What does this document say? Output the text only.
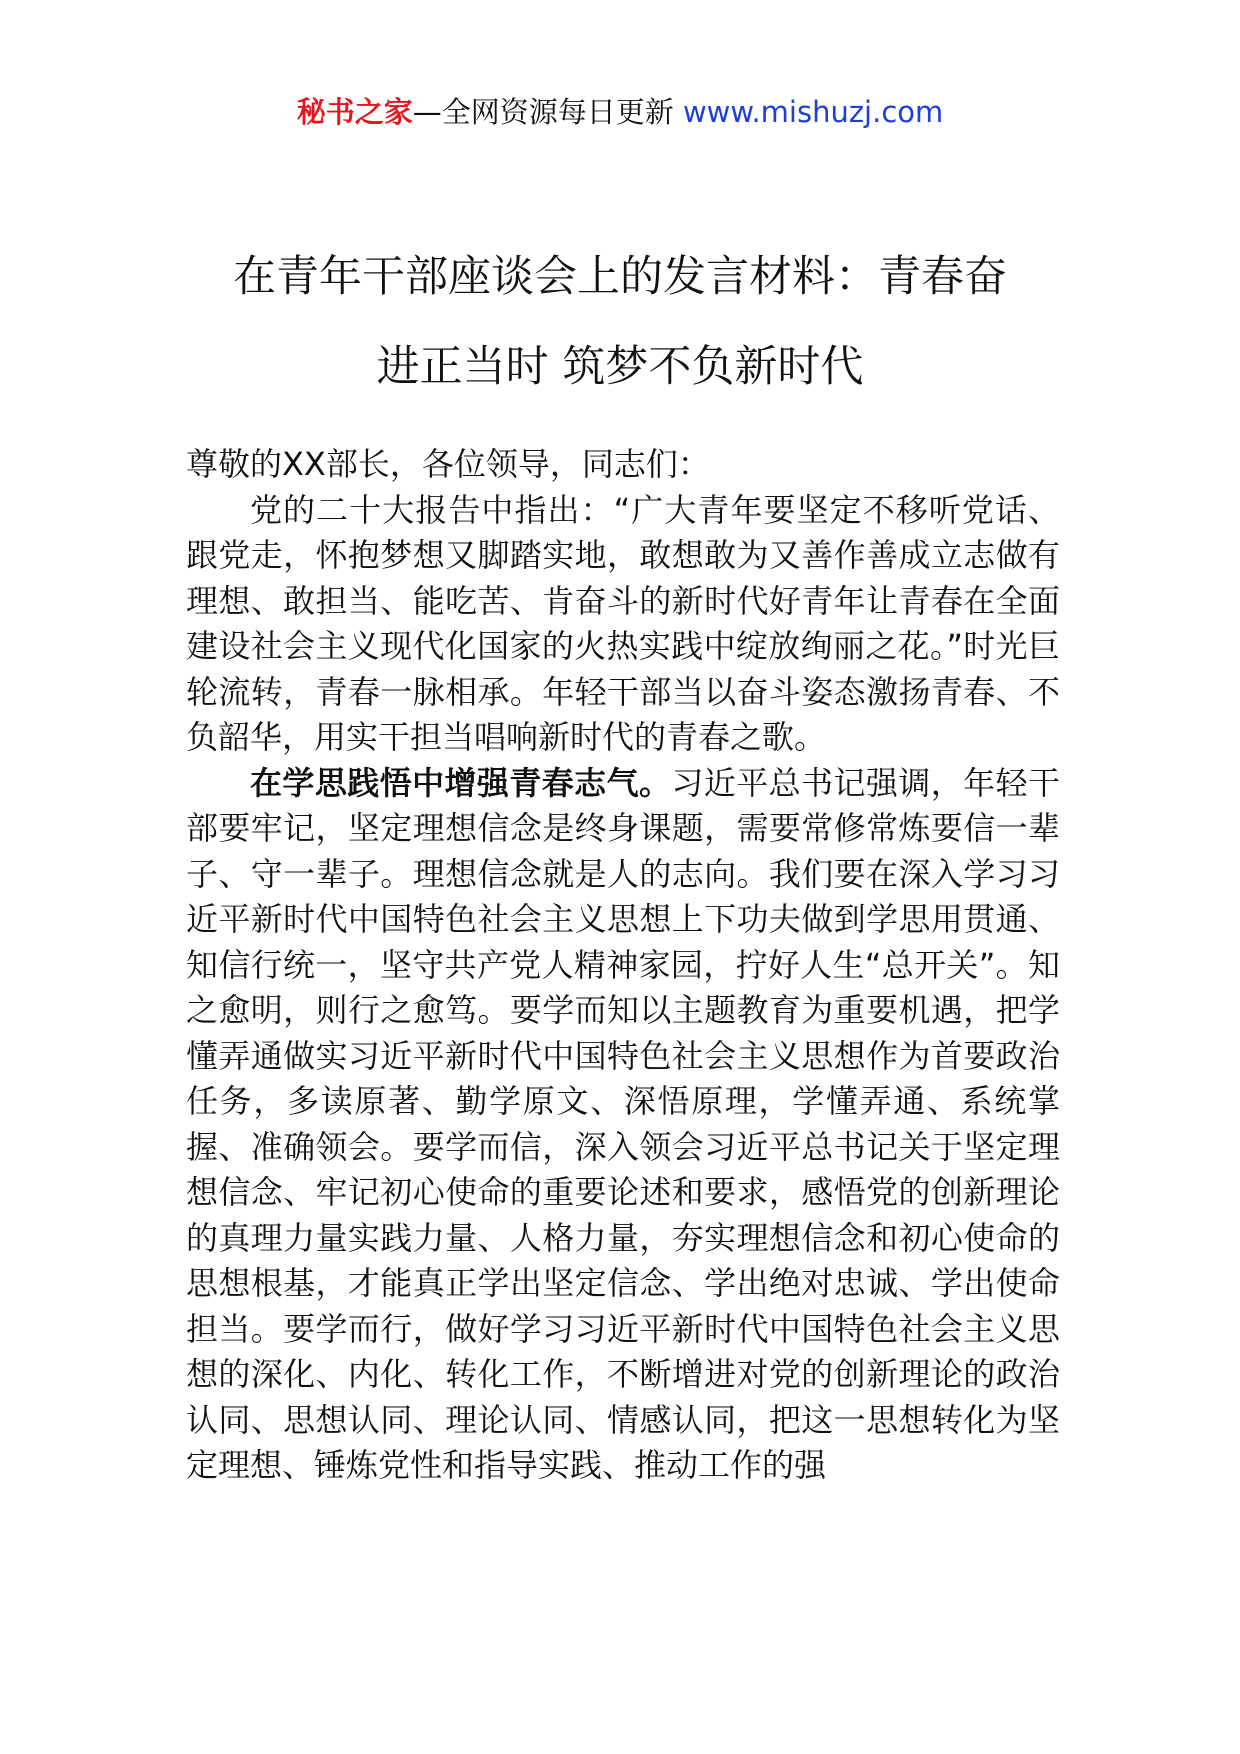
秘书之家—全网资源每日更新 www.mishuzj.com
在青年干部座谈会上的发言材料：青春奋
进正当时 筑梦不负新时代

尊敬的XX部长，各位领导，同志们：

党的二十大报告中指出：“广大青年要坚定不移听党话、跟党走，怀抱梦想又脚踏实地，敢想敢为又善作善成立志做有理想、敢担当、能吃苦、肯奋斗的新时代好青年让青春在全面建设社会主义现代化国家的火热实践中绽放绚丽之花。”时光巨轮流转，青春一脉相承。年轻干部当以奋斗姿态激扬青春、不负韶华，用实干担当唱响新时代的青春之歌。

在学思践悟中增强青春志气。习近平总书记强调，年轻干部要牢记，坚定理想信念是终身课题，需要常修常炼要信一辈子、守一辈子。理想信念就是人的志向。我们要在深入学习习近平新时代中国特色社会主义思想上下功夫做到学思用贯通、知信行统一，坚守共产党人精神家园，拧好人生“总开关”。知之愈明，则行之愈笃。要学而知以主题教育为重要机遇，把学懂弄通做实习近平新时代中国特色社会主义思想作为首要政治任务，多读原著、勤学原文、深悟原理，学懂弄通、系统掌握、准确领会。要学而信，深入领会习近平总书记关于坚定理想信念、牢记初心使命的重要论述和要求，感悟党的创新理论的真理力量实践力量、人格力量，夯实理想信念和初心使命的思想根基，才能真正学出坚定信念、学出绝对忠诚、学出使命担当。要学而行，做好学习习近平新时代中国特色社会主义思想的深化、内化、转化工作，不断增进对党的创新理论的政治认同、思想认同、理论认同、情感认同，把这一思想转化为坚定理想、锤炼党性和指导实践、推动工作的强
